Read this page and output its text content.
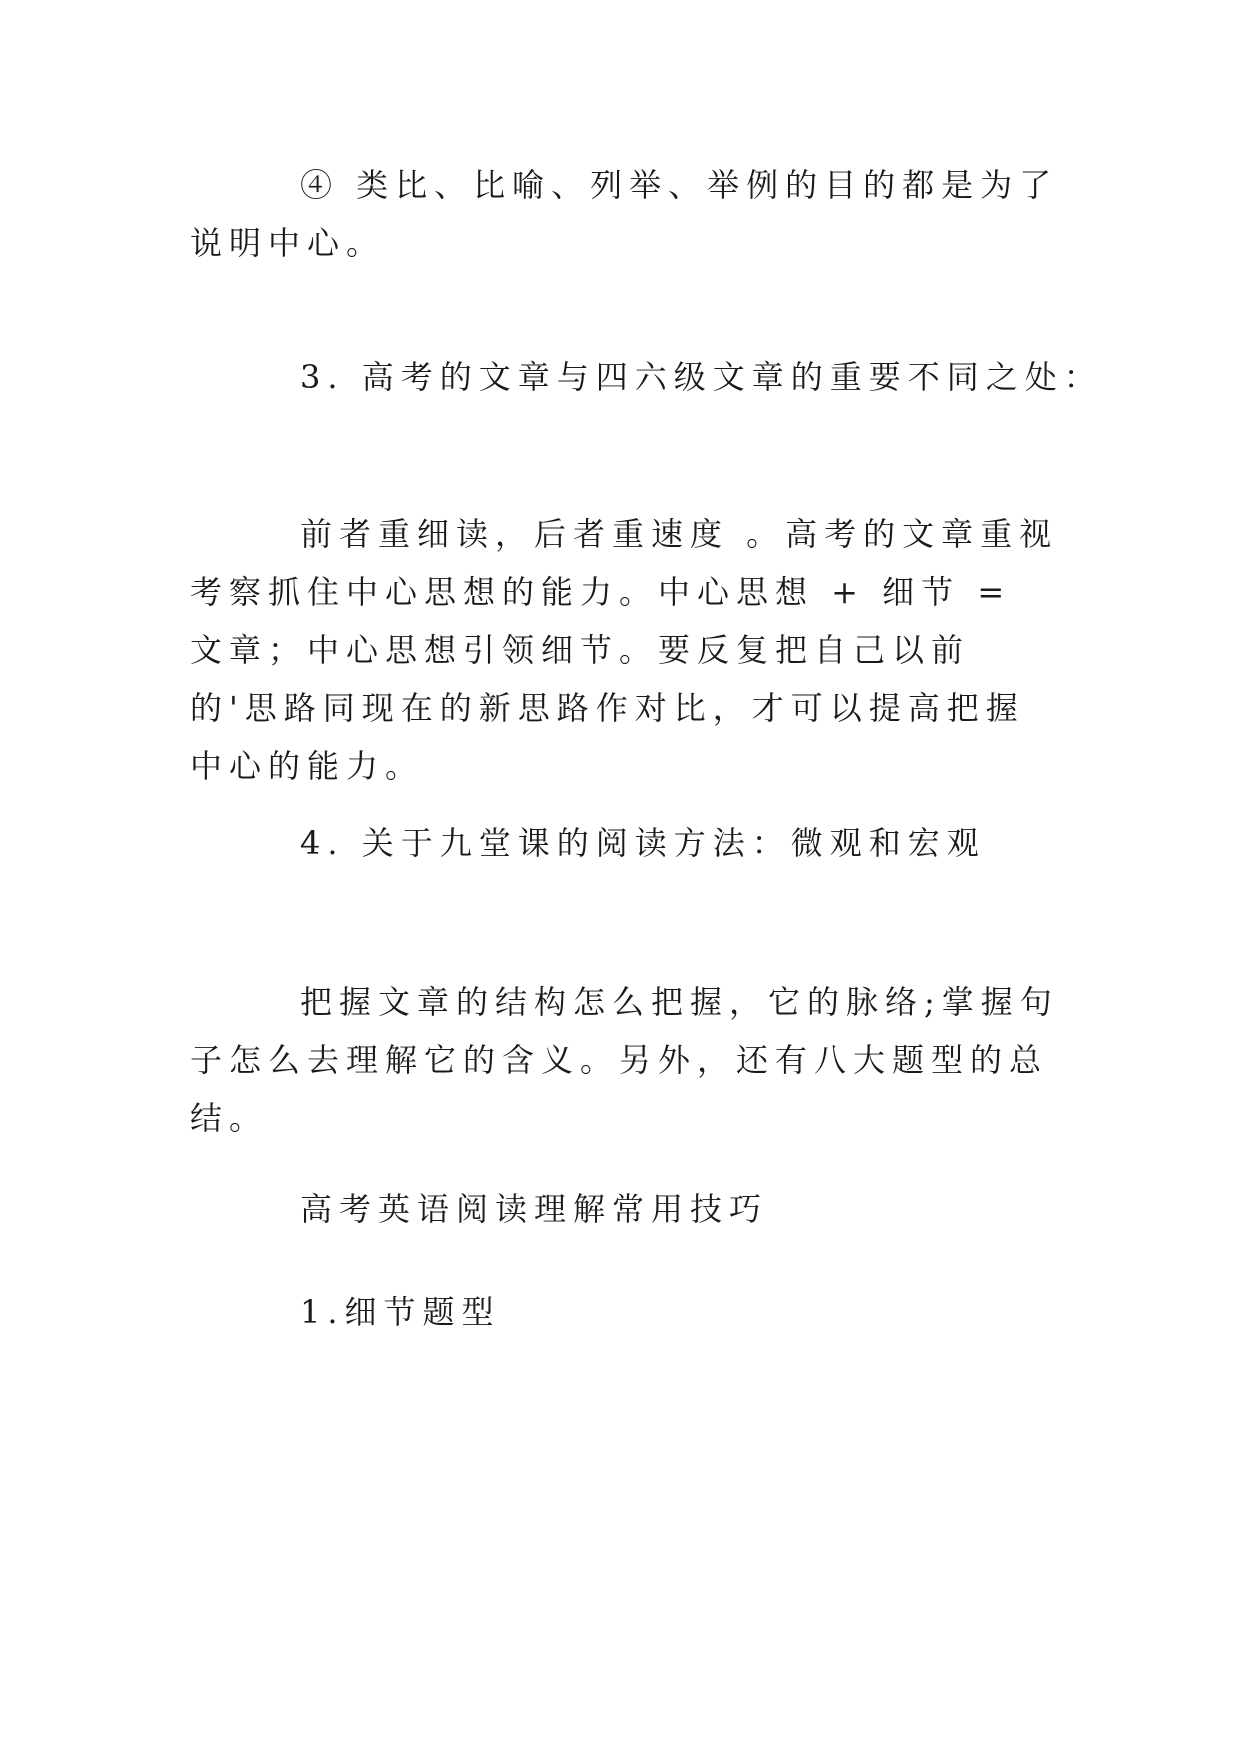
④ 类比、比喻、列举、举例的目的都是为了说明中心。

3. 高考的文章与四六级文章的重要不同之处：

前者重细读，后者重速度 。高考的文章重视考察抓住中心思想的能力。中心思想 + 细节 = 文章；中心思想引领细节。要反复把自己以前的'思路同现在的新思路作对比，才可以提高把握中心的能力。

4. 关于九堂课的阅读方法：微观和宏观

把握文章的结构怎么把握，它的脉络;掌握句子怎么去理解它的含义。另外，还有八大题型的总结。

高考英语阅读理解常用技巧

1.细节题型
